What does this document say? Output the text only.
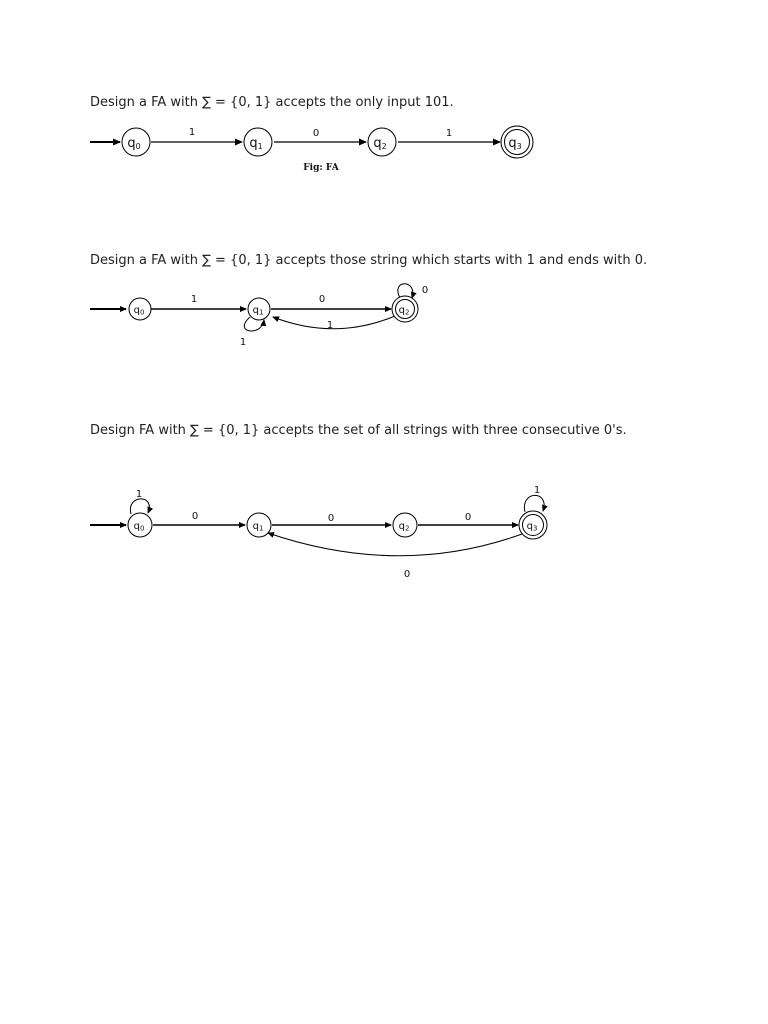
Design a FA with ∑ = {0, 1} accepts the only input 101.
1	0	1
q0	q1	q2	q3
Fig: FA
Design a FA with ∑ = {0, 1} accepts those string which starts with 1 and ends with 0.
1	0
1
0
1
q0	q1	q2
Design FA with ∑ = {0, 1} accepts the set of all strings with three consecutive 0's.
1
0	0	0
1
0
q0	q1	q2	q3
